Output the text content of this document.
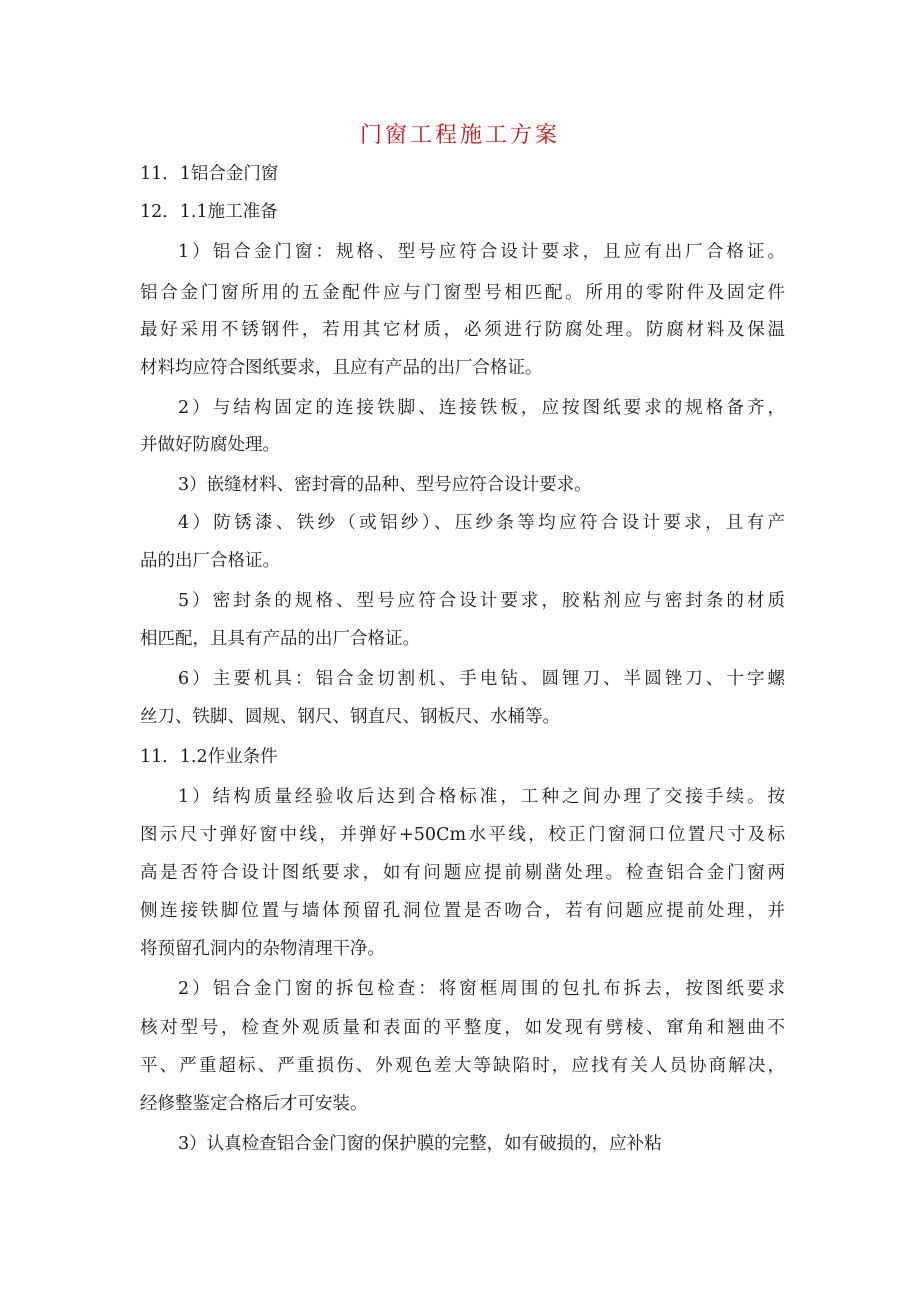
门窗工程施工方案
11．1铝合金门窗
12．1.1施工准备
1）铝合金门窗：规格、型号应符合设计要求，且应有出厂合格证。
铝合金门窗所用的五金配件应与门窗型号相匹配。所用的零附件及固定件
最好采用不锈钢件，若用其它材质，必须进行防腐处理。防腐材料及保温
材料均应符合图纸要求，且应有产品的出厂合格证。
2）与结构固定的连接铁脚、连接铁板，应按图纸要求的规格备齐，
并做好防腐处理。
3）嵌缝材料、密封膏的品种、型号应符合设计要求。
4）防锈漆、铁纱（或铝纱）、压纱条等均应符合设计要求，且有产
品的出厂合格证。
5）密封条的规格、型号应符合设计要求，胶粘剂应与密封条的材质
相匹配，且具有产品的出厂合格证。
6）主要机具：铝合金切割机、手电钻、圆锂刀、半圆锉刀、十字螺
丝刀、铁脚、圆规、钢尺、钢直尺、钢板尺、水桶等。
11．1.2作业条件
1）结构质量经验收后达到合格标准，工种之间办理了交接手续。按
图示尺寸弹好窗中线，并弹好+50Cm水平线，校正门窗洞口位置尺寸及标
高是否符合设计图纸要求，如有问题应提前剔凿处理。检查铝合金门窗两
侧连接铁脚位置与墙体预留孔洞位置是否吻合，若有问题应提前处理，并
将预留孔洞内的杂物清理干净。
2）铝合金门窗的拆包检查：将窗框周围的包扎布拆去，按图纸要求
核对型号，检查外观质量和表面的平整度，如发现有劈棱、窜角和翘曲不
平、严重超标、严重损伤、外观色差大等缺陷时，应找有关人员协商解决，
经修整鉴定合格后才可安装。
3）认真检查铝合金门窗的保护膜的完整，如有破损的，应补粘
